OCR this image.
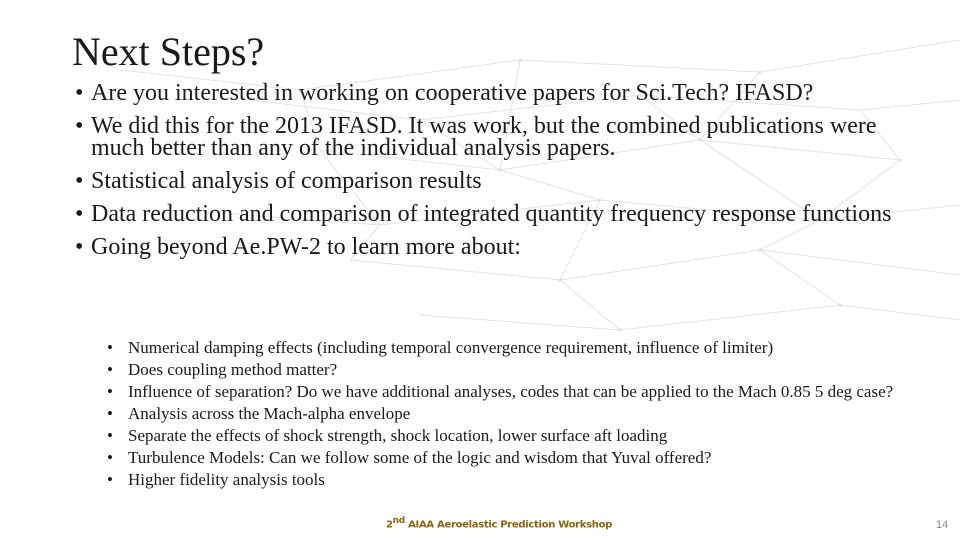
Next Steps?
• Are you interested in working on cooperative papers for Sci.Tech? IFASD?
• We did this for the 2013 IFASD. It was work, but the combined publications were much better than any of the individual analysis papers.
• Statistical analysis of comparison results
• Data reduction and comparison of integrated quantity frequency response functions
• Going beyond Ae.PW-2 to learn more about:
• Numerical damping effects (including temporal convergence requirement, influence of limiter)
• Does coupling method matter?
• Influence of separation? Do we have additional analyses, codes that can be applied to the Mach 0.85 5 deg case?
• Analysis across the Mach-alpha envelope
• Separate the effects of shock strength, shock location, lower surface aft loading
• Turbulence Models: Can we follow some of the logic and wisdom that Yuval offered?
• Higher fidelity analysis tools
2nd AIAA Aeroelastic Prediction Workshop	14
